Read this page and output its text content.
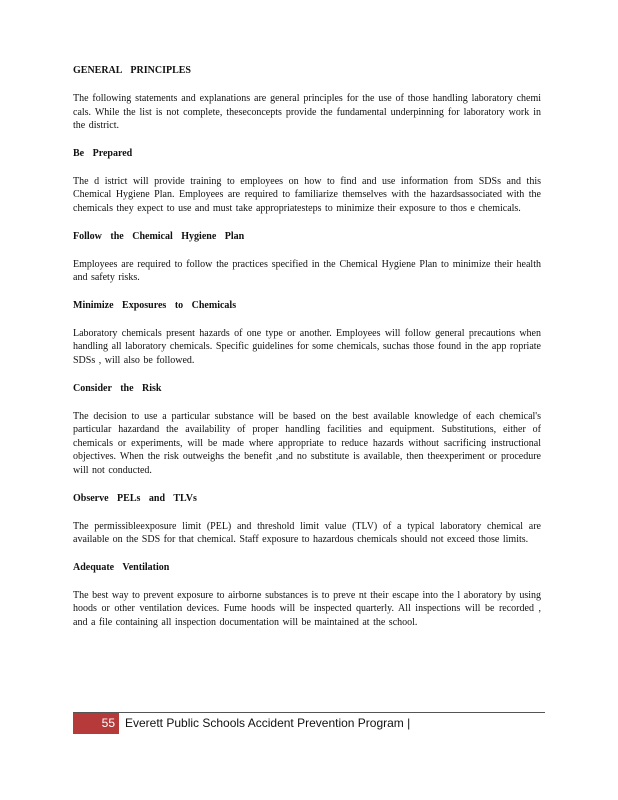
GENERAL PRINCIPLES

The following statements and explanations are general principles for the use of those handling laboratory chemi cals. While the list is not complete, theseconcepts provide the fundamental underpinning for laboratory work in the district.

Be Prepared

The d istrict will provide training to employees on how to find and use information from SDSs and this Chemical Hygiene Plan. Employees are required to familiarize themselves with the hazardsassociated with the chemicals they expect to use and must take appropriatesteps to minimize their exposure to thos e chemicals.

Follow the Chemical Hygiene Plan

Employees are required to follow the practices specified in the Chemical Hygiene Plan to minimize their health and safety risks.

Minimize Exposures to Chemicals

Laboratory chemicals present hazards of one type or another. Employees will follow general precautions when handling all laboratory chemicals. Specific guidelines for some chemicals, suchas those found in the app ropriate SDSs , will also be followed.

Consider the Risk

The decision to use a particular substance will be based on the best available knowledge of each chemical's particular hazardand the availability of proper handling facilities and equipment. Substitutions, either of chemicals or experiments, will be made where appropriate to reduce hazards without sacrificing instructional objectives. When the risk outweighs the benefit ,and no substitute is available, then theexperiment or procedure will not conducted.

Observe PELs and TLVs

The permissibleexposure limit (PEL) and threshold limit value (TLV) of a typical laboratory chemical are available on the SDS for that chemical. Staff exposure to hazardous chemicals should not exceed those limits.

Adequate Ventilation

The best way to prevent exposure to airborne substances is to preve nt their escape into the l aboratory by using hoods or other ventilation devices. Fume hoods will be inspected quarterly. All inspections will be recorded , and a file containing all inspection documentation will be maintained at the school.

55 Everett Public Schools Accident Prevention Program |
